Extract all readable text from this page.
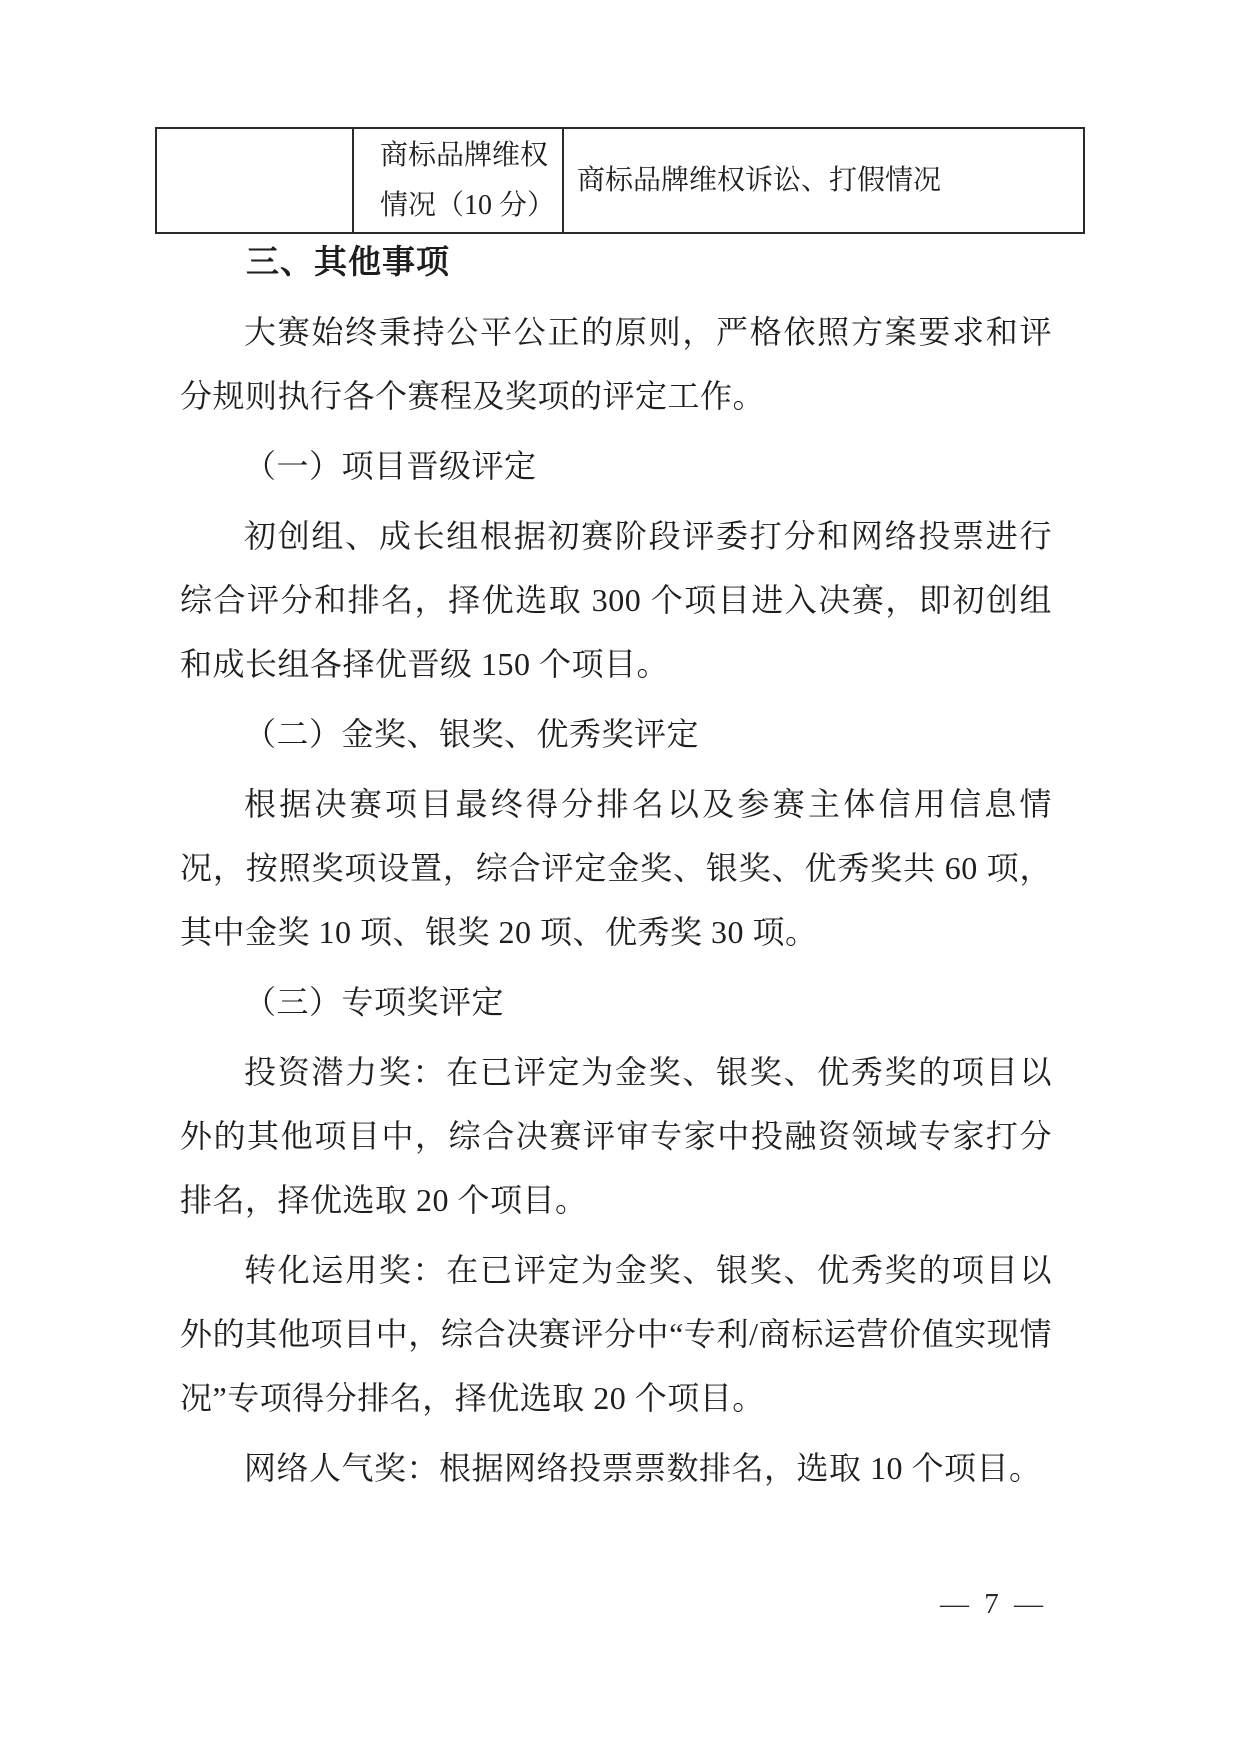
商标品牌维权
情况（10 分）
商标品牌维权诉讼、打假情况
三、其他事项

大赛始终秉持公平公正的原则，严格依照方案要求和评分规则执行各个赛程及奖项的评定工作。

（一）项目晋级评定

初创组、成长组根据初赛阶段评委打分和网络投票进行综合评分和排名，择优选取 300 个项目进入决赛，即初创组和成长组各择优晋级 150 个项目。

（二）金奖、银奖、优秀奖评定

根据决赛项目最终得分排名以及参赛主体信用信息情况，按照奖项设置，综合评定金奖、银奖、优秀奖共 60 项，其中金奖 10 项、银奖 20 项、优秀奖 30 项。

（三）专项奖评定

投资潜力奖：在已评定为金奖、银奖、优秀奖的项目以外的其他项目中，综合决赛评审专家中投融资领域专家打分排名，择优选取 20 个项目。

转化运用奖：在已评定为金奖、银奖、优秀奖的项目以外的其他项目中，综合决赛评分中“专利/商标运营价值实现情况”专项得分排名，择优选取 20 个项目。

网络人气奖：根据网络投票票数排名，选取 10 个项目。

— 7 —
